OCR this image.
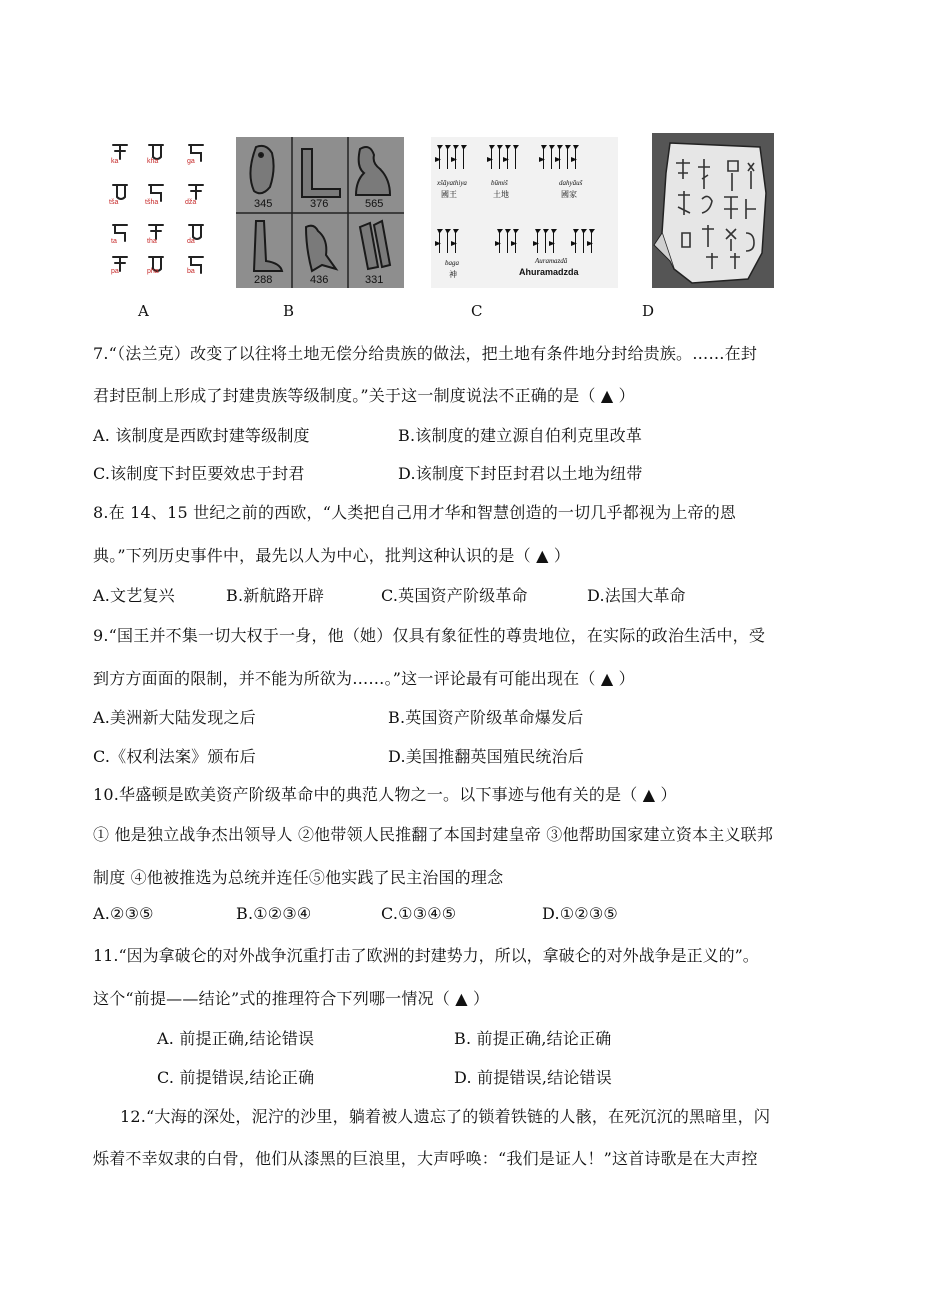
ka	kha	ga
tša	tšha	dža
ta	tha	da
pa	pha	ba
345	376	565
288	436	331
xšāyathiya	būmiš	dahyāuš
baga	Auramazdā
國王	土地	國家
神	Ahuramadzda
A	B	C	D
7.“（法兰克）改变了以往将土地无偿分给贵族的做法，把土地有条件地分封给贵族。……在封
君封臣制上形成了封建贵族等级制度。”关于这一制度说法不正确的是（ ▲ ）
A. 该制度是西欧封建等级制度	B.该制度的建立源自伯利克里改革
C.该制度下封臣要效忠于封君	D.该制度下封臣封君以土地为纽带
8.在 14、15 世纪之前的西欧，“人类把自己用才华和智慧创造的一切几乎都视为上帝的恩
典。”下列历史事件中，最先以人为中心，批判这种认识的是（ ▲ ）
A.文艺复兴	B.新航路开辟	C.英国资产阶级革命	D.法国大革命
9.“国王并不集一切大权于一身，他（她）仅具有象征性的尊贵地位，在实际的政治生活中，受
到方方面面的限制，并不能为所欲为……。”这一评论最有可能出现在（ ▲ ）
A.美洲新大陆发现之后	B.英国资产阶级革命爆发后
C.《权利法案》颁布后	D.美国推翻英国殖民统治后
10.华盛顿是欧美资产阶级革命中的典范人物之一。以下事迹与他有关的是（ ▲ ）
① 他是独立战争杰出领导人 ②他带领人民推翻了本国封建皇帝 ③他帮助国家建立资本主义联邦
制度 ④他被推选为总统并连任⑤他实践了民主治国的理念
A.②③⑤	B.①②③④	C.①③④⑤	D.①②③⑤
11.“因为拿破仑的对外战争沉重打击了欧洲的封建势力，所以，拿破仑的对外战争是正义的”。
这个“前提——结论”式的推理符合下列哪一情况（ ▲ ）
A. 前提正确,结论错误	B. 前提正确,结论正确
C. 前提错误,结论正确	D. 前提错误,结论错误
12.“大海的深处，泥泞的沙里，躺着被人遗忘了的锁着铁链的人骸，在死沉沉的黑暗里，闪
烁着不幸奴隶的白骨，他们从漆黑的巨浪里，大声呼唤：“我们是证人！”这首诗歌是在大声控
